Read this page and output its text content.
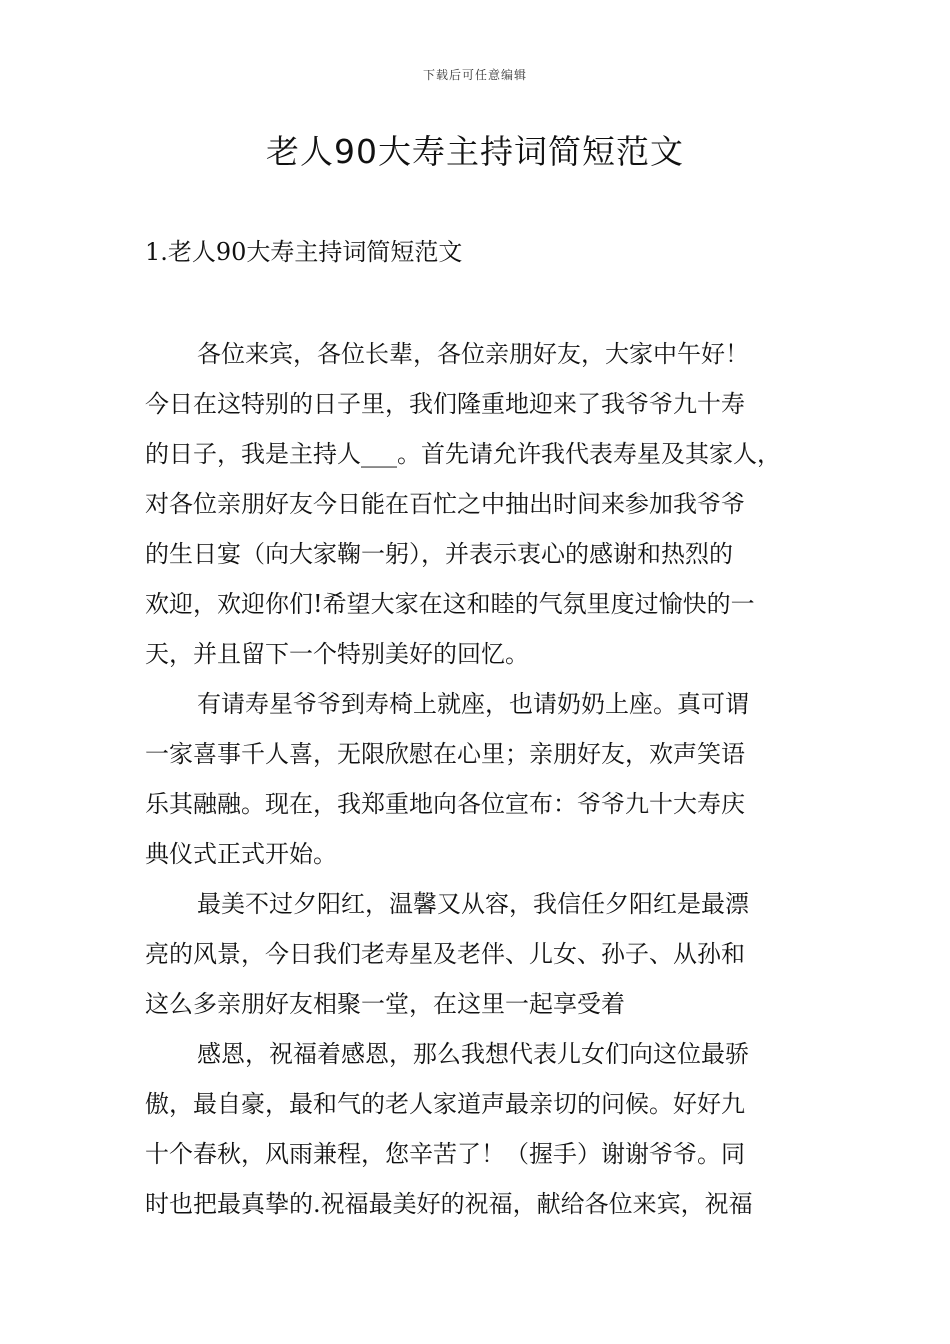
下载后可任意编辑
老人90大寿主持词简短范文
1.老人90大寿主持词简短范文
各位来宾，各位长辈，各位亲朋好友，大家中午好！
今日在这特别的日子里，我们隆重地迎来了我爷爷九十寿
的日子，我是主持人___。首先请允许我代表寿星及其家人，
对各位亲朋好友今日能在百忙之中抽出时间来参加我爷爷
的生日宴（向大家鞠一躬），并表示衷心的感谢和热烈的
欢迎，欢迎你们!希望大家在这和睦的气氛里度过愉快的一
天，并且留下一个特别美好的回忆。
有请寿星爷爷到寿椅上就座，也请奶奶上座。真可谓
一家喜事千人喜，无限欣慰在心里；亲朋好友，欢声笑语
乐其融融。现在，我郑重地向各位宣布：爷爷九十大寿庆
典仪式正式开始。
最美不过夕阳红，温馨又从容，我信任夕阳红是最漂
亮的风景，今日我们老寿星及老伴、儿女、孙子、从孙和
这么多亲朋好友相聚一堂，在这里一起享受着
感恩，祝福着感恩，那么我想代表儿女们向这位最骄
傲，最自豪，最和气的老人家道声最亲切的问候。好好九
十个春秋，风雨兼程，您辛苦了！（握手）谢谢爷爷。同
时也把最真挚的.祝福最美好的祝福，献给各位来宾，祝福
